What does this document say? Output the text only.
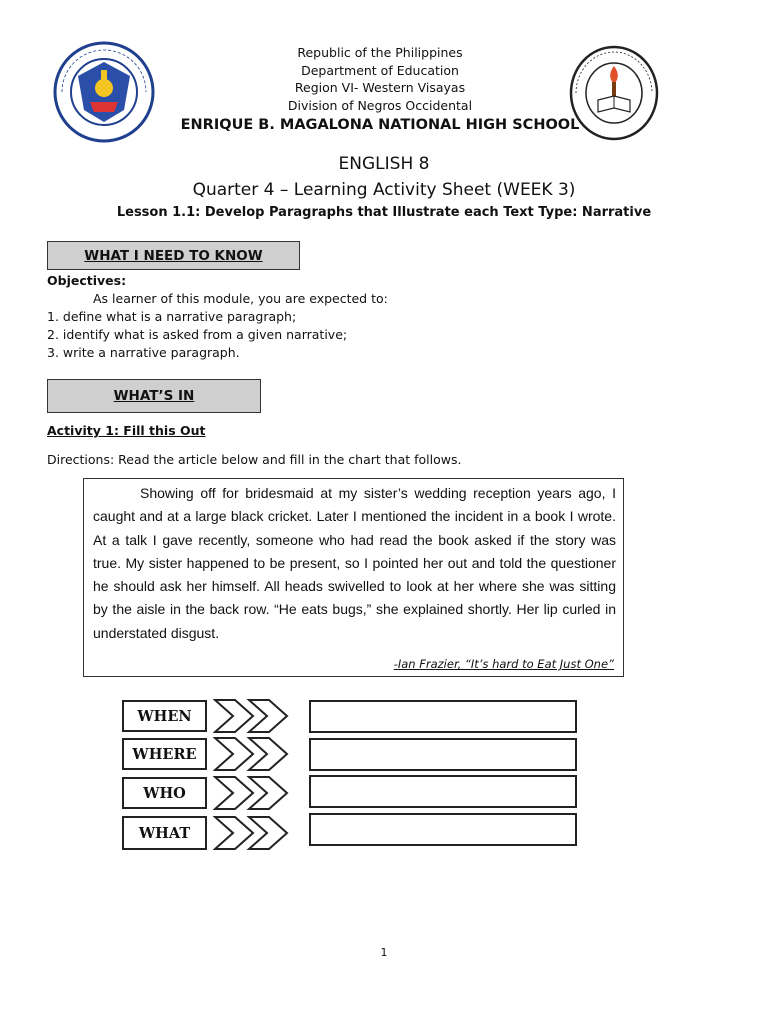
Republic of the Philippines
Department of Education
Region VI- Western Visayas
Division of Negros Occidental
ENRIQUE B. MAGALONA NATIONAL HIGH SCHOOL
ENGLISH 8
Quarter 4 – Learning Activity Sheet (WEEK 3)
Lesson 1.1: Develop Paragraphs that Illustrate each Text Type: Narrative
WHAT I NEED TO KNOW
Objectives:
As learner of this module, you are expected to:
1. define what is a narrative paragraph;
2. identify what is asked from a given narrative;
3. write a narrative paragraph.
WHAT’S IN
Activity 1: Fill this Out
Directions: Read the article below and fill in the chart that follows.
Showing off for bridesmaid at my sister’s wedding reception years ago, I caught and at a large black cricket. Later I mentioned the incident in a book I wrote. At a talk I gave recently, someone who had read the book asked if the story was true. My sister happened to be present, so I pointed her out and told the questioner he should ask her himself. All heads swivelled to look at her where she was sitting by the aisle in the back row. “He eats bugs,” she explained shortly. Her lip curled in understated disgust.
-Ian Frazier, “It’s hard to Eat Just One”
WHEN
WHERE
WHO
WHAT
1
